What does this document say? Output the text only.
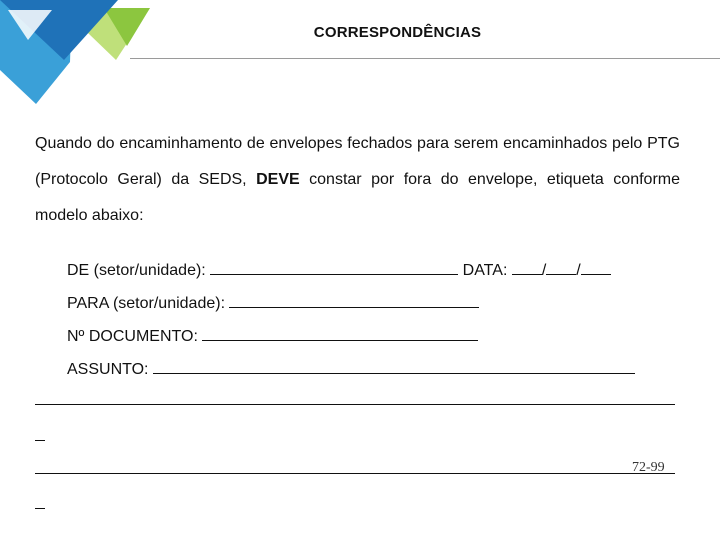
CORRESPONDÊNCIAS
Quando do encaminhamento de envelopes fechados para serem encaminhados pelo PTG (Protocolo Geral) da SEDS, DEVE constar por fora do envelope, etiqueta conforme modelo abaixo:
DE (setor/unidade):	DATA: / /
PARA (setor/unidade):
Nº DOCUMENTO:
ASSUNTO:
72-99
